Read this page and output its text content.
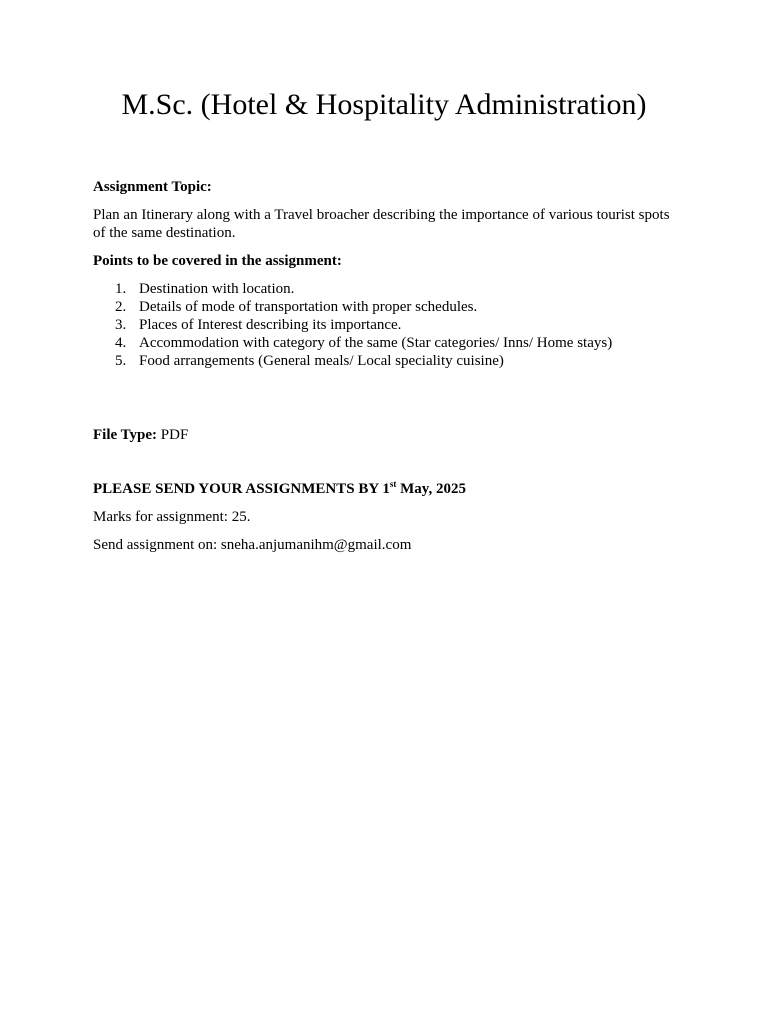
M.Sc. (Hotel & Hospitality Administration)

Assignment Topic:

Plan an Itinerary along with a Travel broacher describing the importance of various tourist spots of the same destination.

Points to be covered in the assignment:

1. Destination with location.
2. Details of mode of transportation with proper schedules.
3. Places of Interest describing its importance.
4. Accommodation with category of the same (Star categories/ Inns/ Home stays)
5. Food arrangements (General meals/ Local speciality cuisine)

File Type: PDF

PLEASE SEND YOUR ASSIGNMENTS BY 1st May, 2025

Marks for assignment: 25.

Send assignment on: sneha.anjumanihm@gmail.com
